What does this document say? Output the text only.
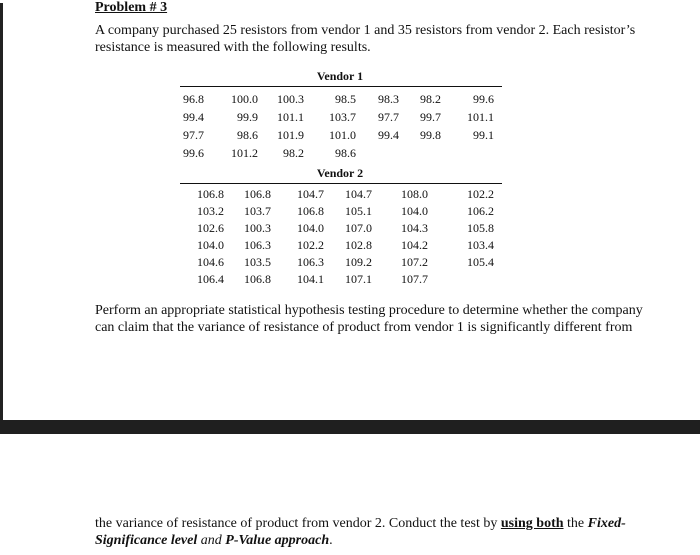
Problem # 3
A company purchased 25 resistors from vendor 1 and 35 resistors from vendor 2. Each resistor’s
resistance is measured with the following results.
Vendor 1
96.8	100.0	100.3	98.5	98.3	98.2	99.6
99.4	99.9	101.1	103.7	97.7	99.7	101.1
97.7	98.6	101.9	101.0	99.4	99.8	99.1
99.6	101.2	98.2	98.6
Vendor 2
106.8	106.8	104.7	104.7	108.0	102.2
103.2	103.7	106.8	105.1	104.0	106.2
102.6	100.3	104.0	107.0	104.3	105.8
104.0	106.3	102.2	102.8	104.2	103.4
104.6	103.5	106.3	109.2	107.2	105.4
106.4	106.8	104.1	107.1	107.7
Perform an appropriate statistical hypothesis testing procedure to determine whether the company
can claim that the variance of resistance of product from vendor 1 is significantly different from
the variance of resistance of product from vendor 2. Conduct the test by using both the Fixed-
Significance level and P-Value approach.
